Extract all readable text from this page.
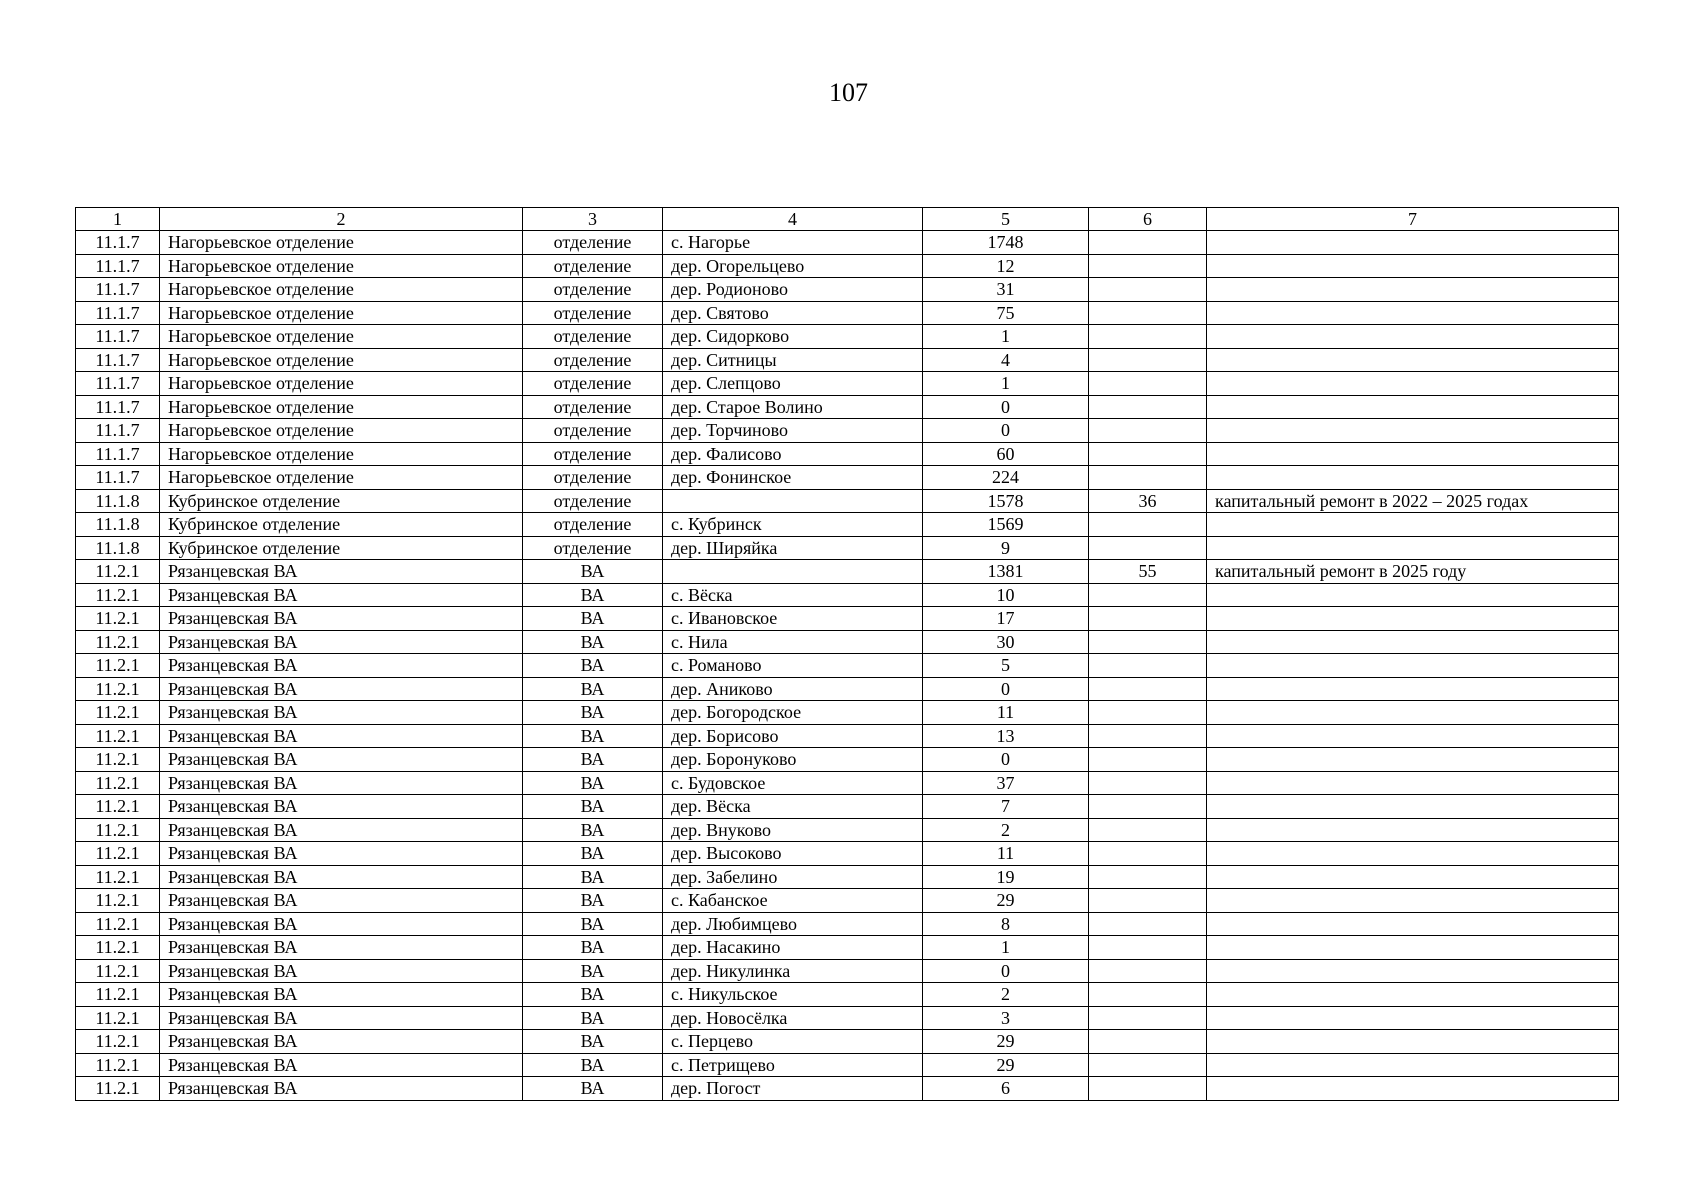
107
1	2	3	4	5	6	7
11.1.7	Нагорьевское отделение	отделение	с. Нагорье	1748		
11.1.7	Нагорьевское отделение	отделение	дер. Огорельцево	12		
11.1.7	Нагорьевское отделение	отделение	дер. Родионово	31		
11.1.7	Нагорьевское отделение	отделение	дер. Святово	75		
11.1.7	Нагорьевское отделение	отделение	дер. Сидорково	1		
11.1.7	Нагорьевское отделение	отделение	дер. Ситницы	4		
11.1.7	Нагорьевское отделение	отделение	дер. Слепцово	1		
11.1.7	Нагорьевское отделение	отделение	дер. Старое Волино	0		
11.1.7	Нагорьевское отделение	отделение	дер. Торчиново	0		
11.1.7	Нагорьевское отделение	отделение	дер. Фалисово	60		
11.1.7	Нагорьевское отделение	отделение	дер. Фонинское	224		
11.1.8	Кубринское отделение	отделение		1578	36	капитальный ремонт в 2022 – 2025 годах
11.1.8	Кубринское отделение	отделение	с. Кубринск	1569		
11.1.8	Кубринское отделение	отделение	дер. Ширяйка	9		
11.2.1	Рязанцевская ВА	ВА		1381	55	капитальный ремонт в 2025 году
11.2.1	Рязанцевская ВА	ВА	с. Вёска	10		
11.2.1	Рязанцевская ВА	ВА	с. Ивановское	17		
11.2.1	Рязанцевская ВА	ВА	с. Нила	30		
11.2.1	Рязанцевская ВА	ВА	с. Романово	5		
11.2.1	Рязанцевская ВА	ВА	дер. Аниково	0		
11.2.1	Рязанцевская ВА	ВА	дер. Богородское	11		
11.2.1	Рязанцевская ВА	ВА	дер. Борисово	13		
11.2.1	Рязанцевская ВА	ВА	дер. Боронуково	0		
11.2.1	Рязанцевская ВА	ВА	с. Будовское	37		
11.2.1	Рязанцевская ВА	ВА	дер. Вёска	7		
11.2.1	Рязанцевская ВА	ВА	дер. Внуково	2		
11.2.1	Рязанцевская ВА	ВА	дер. Высоково	11		
11.2.1	Рязанцевская ВА	ВА	дер. Забелино	19		
11.2.1	Рязанцевская ВА	ВА	с. Кабанское	29		
11.2.1	Рязанцевская ВА	ВА	дер. Любимцево	8		
11.2.1	Рязанцевская ВА	ВА	дер. Насакино	1		
11.2.1	Рязанцевская ВА	ВА	дер. Никулинка	0		
11.2.1	Рязанцевская ВА	ВА	с. Никульское	2		
11.2.1	Рязанцевская ВА	ВА	дер. Новосёлка	3		
11.2.1	Рязанцевская ВА	ВА	с. Перцево	29		
11.2.1	Рязанцевская ВА	ВА	с. Петрищево	29		
11.2.1	Рязанцевская ВА	ВА	дер. Погост	6		
